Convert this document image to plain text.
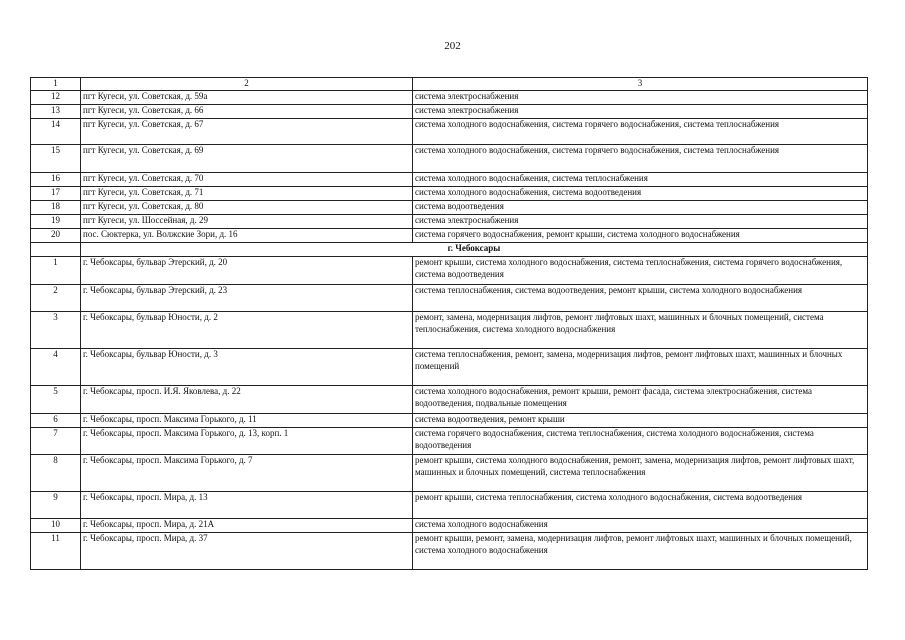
202
1	2	3
12	пгт Кугеси, ул. Советская, д. 59а	система электроснабжения
13	пгт Кугеси, ул. Советская, д. 66	система электроснабжения
14	пгт Кугеси, ул. Советская, д. 67	система холодного водоснабжения, система горячего водоснабжения, система теплоснабжения
15	пгт Кугеси, ул. Советская, д. 69	система холодного водоснабжения, система горячего водоснабжения, система теплоснабжения
16	пгт Кугеси, ул. Советская, д. 70	система холодного водоснабжения, система теплоснабжения
17	пгт Кугеси, ул. Советская, д. 71	система холодного водоснабжения, система водоотведения
18	пгт Кугеси, ул. Советская, д. 80	система водоотведения
19	пгт Кугеси, ул. Шоссейная, д. 29	система электроснабжения
20	пос. Сюктерка, ул. Волжские Зори, д. 16	система горячего водоснабжения, ремонт крыши, система холодного водоснабжения
	г. Чебоксары	
1	г. Чебоксары, бульвар Этерский, д. 20	ремонт крыши, система холодного водоснабжения, система теплоснабжения, система горячего водоснабжения, система водоотведения
2	г. Чебоксары, бульвар Этерский, д. 23	система теплоснабжения, система водоотведения, ремонт крыши, система холодного водоснабжения
3	г. Чебоксары, бульвар Юности, д. 2	ремонт, замена, модернизация лифтов, ремонт лифтовых шахт, машинных и блочных помещений, система теплоснабжения, система холодного водоснабжения
4	г. Чебоксары, бульвар Юности, д. 3	система теплоснабжения, ремонт, замена, модернизация лифтов, ремонт лифтовых шахт, машинных и блочных помещений
5	г. Чебоксары, просп. И.Я. Яковлева, д. 22	система холодного водоснабжения, ремонт крыши, ремонт фасада, система электроснабжения, система водоотведения, подвальные помещения
6	г. Чебоксары, просп. Максима Горького, д. 11	система водоотведения, ремонт крыши
7	г. Чебоксары, просп. Максима Горького, д. 13, корп. 1	система горячего водоснабжения, система теплоснабжения, система холодного водоснабжения, система водоотведения
8	г. Чебоксары, просп. Максима Горького, д. 7	ремонт крыши, система холодного водоснабжения, ремонт, замена, модернизация лифтов, ремонт лифтовых шахт, машинных и блочных помещений, система теплоснабжения
9	г. Чебоксары, просп. Мира, д. 13	ремонт крыши, система теплоснабжения, система холодного водоснабжения, система водоотведения
10	г. Чебоксары, просп. Мира, д. 21А	система холодного водоснабжения
11	г. Чебоксары, просп. Мира, д. 37	ремонт крыши, ремонт, замена, модернизация лифтов, ремонт лифтовых шахт, машинных и блочных помещений, система холодного водоснабжения
